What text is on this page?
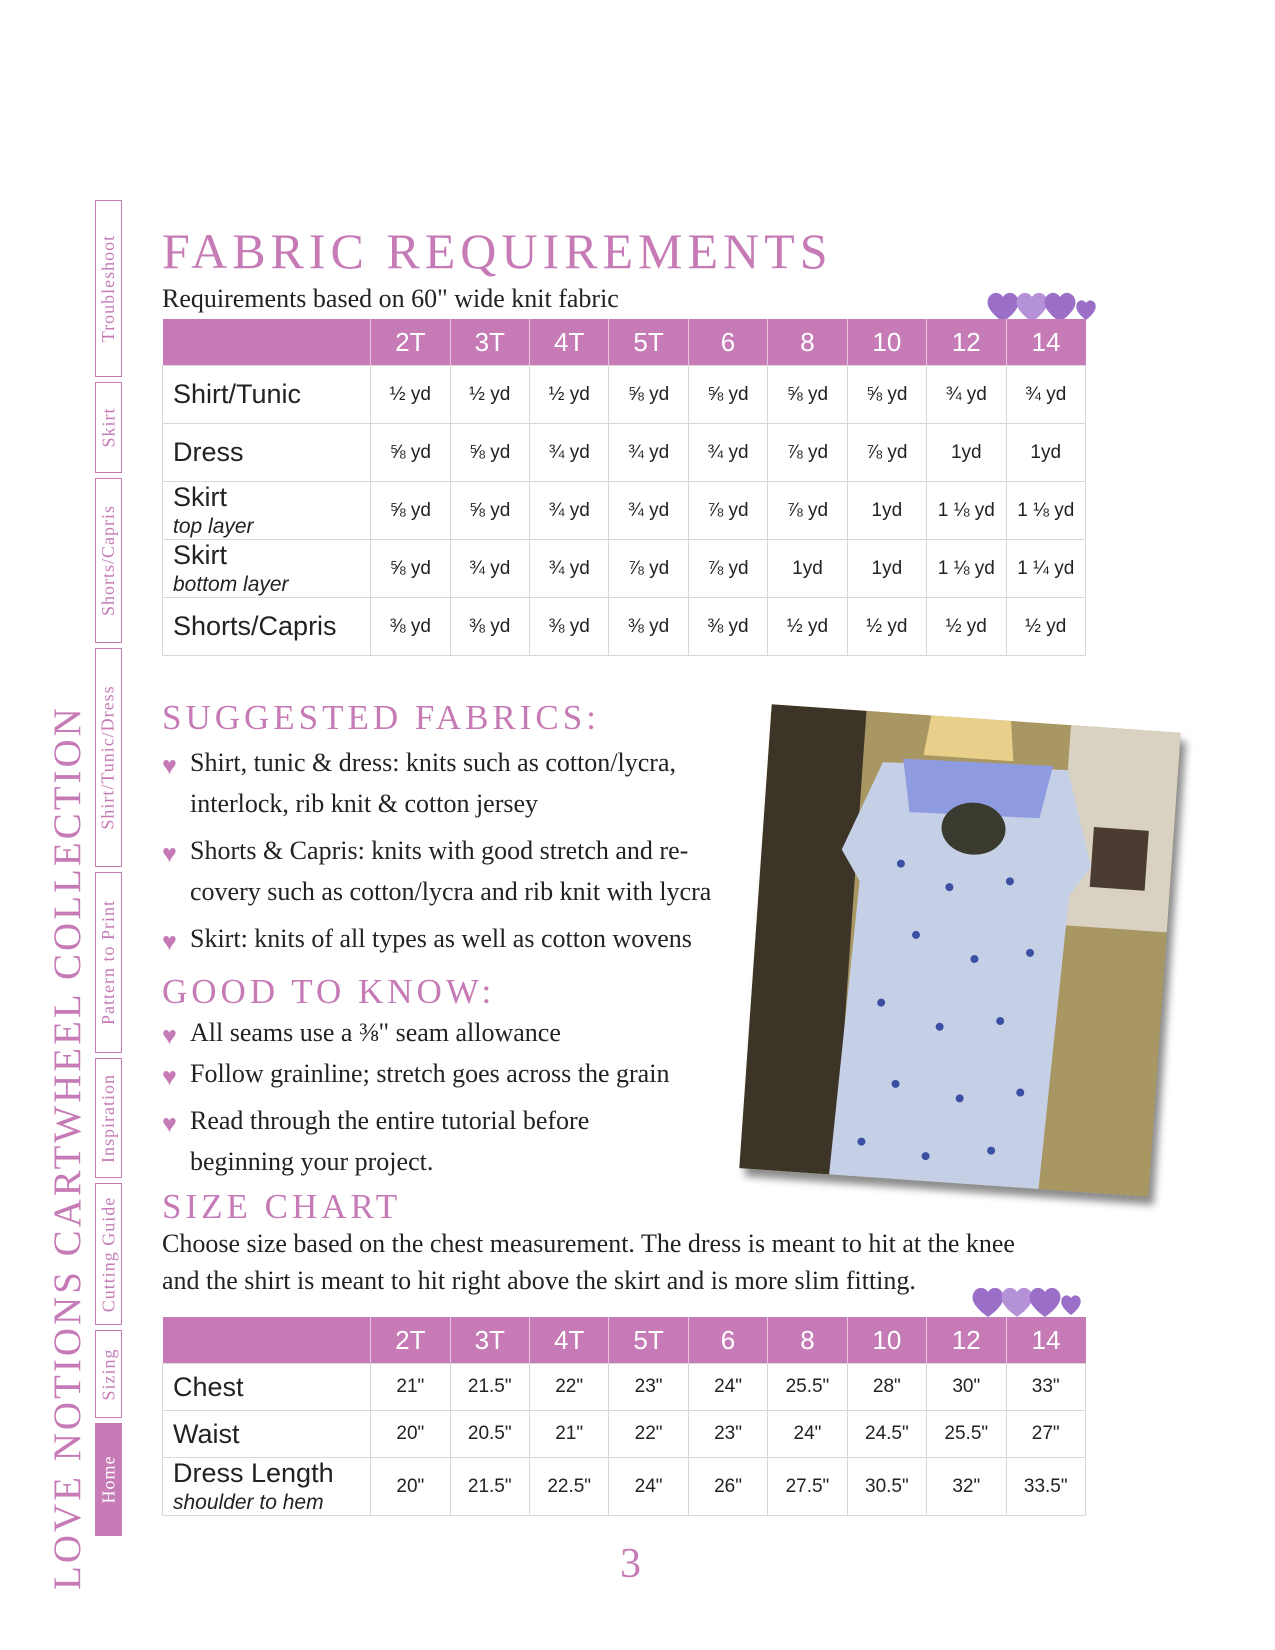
LOVE NOTIONS CARTWHEEL COLLECTION Home
Sizing
Cutting Guide
Inspiration
Pattern to Print
Shirt/Tunic/Dress
Shorts/Capris
Skirt
Troubleshoot FABRIC REQUIREMENTS

Requirements based on 60" wide knit fabric

	2T	3T	4T	5T	6	8	10	12	14
Shirt/Tunic	½ yd	½ yd	½ yd	⅝ yd	⅝ yd	⅝ yd	⅝ yd	¾ yd	¾ yd
Dress	⅝ yd	⅝ yd	¾ yd	¾ yd	¾ yd	⅞ yd	⅞ yd	1yd	1yd
Skirt
top layer	⅝ yd	⅝ yd	¾ yd	¾ yd	⅞ yd	⅞ yd	1yd	1 ⅛ yd	1 ⅛ yd
Skirt
bottom layer	⅝ yd	¾ yd	¾ yd	⅞ yd	⅞ yd	1yd	1yd	1 ⅛ yd	1 ¼ yd
Shorts/Capris	⅜ yd	⅜ yd	⅜ yd	⅜ yd	⅜ yd	½ yd	½ yd	½ yd	½ yd
SUGGESTED FABRICS:
♥ Shirt, tunic & dress: knits such as cotton/lycra,
interlock, rib knit & cotton jersey
♥ Shorts & Capris: knits with good stretch and re-
covery such as cotton/lycra and rib knit with lycra
♥ Skirt: knits of all types as well as cotton wovens
GOOD TO KNOW:
♥ All seams use a ⅜" seam allowance
♥ Follow grainline; stretch goes across the grain
♥ Read through the entire tutorial before
beginning your project.
SIZE CHART

Choose size based on the chest measurement. The dress is meant to hit at the knee
and the shirt is meant to hit right above the skirt and is more slim fitting.

	2T	3T	4T	5T	6	8	10	12	14
Chest	21"	21.5"	22"	23"	24"	25.5"	28"	30"	33"
Waist	20"	20.5"	21"	22"	23"	24"	24.5"	25.5"	27"
Dress Length
shoulder to hem	20"	21.5"	22.5"	24"	26"	27.5"	30.5"	32"	33.5"

3
